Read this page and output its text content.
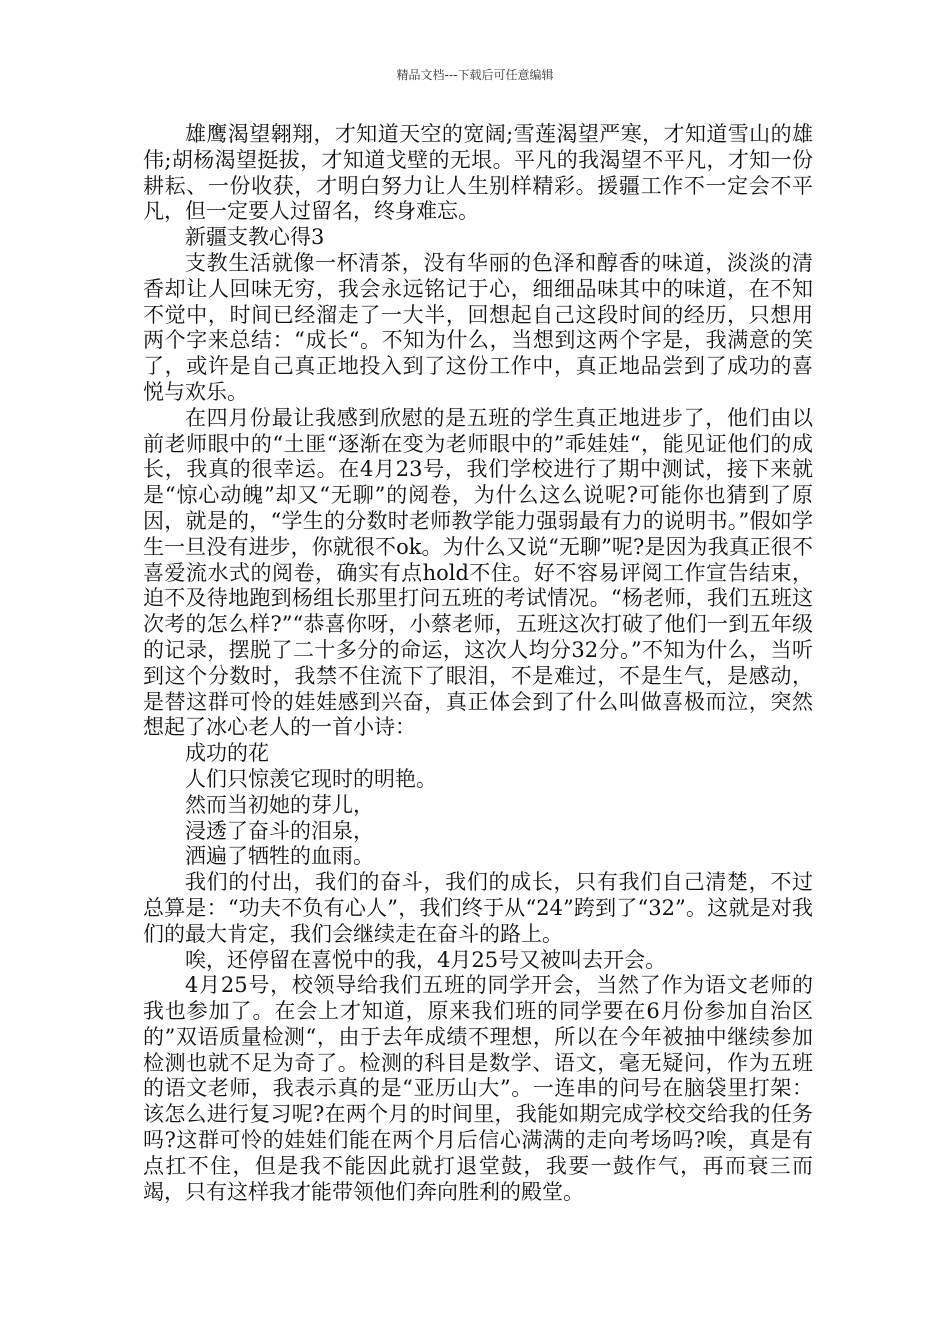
精品文档---下载后可任意编辑

雄鹰渴望翱翔，才知道天空的宽阔;雪莲渴望严寒，才知道雪山的雄伟;胡杨渴望挺拔，才知道戈壁的无垠。平凡的我渴望不平凡，才知一份耕耘、一份收获，才明白努力让人生别样精彩。援疆工作不一定会不平凡，但一定要人过留名，终身难忘。

新疆支教心得3

支教生活就像一杯清茶，没有华丽的色泽和醇香的味道，淡淡的清香却让人回味无穷，我会永远铭记于心，细细品味其中的味道，在不知不觉中，时间已经溜走了一大半，回想起自己这段时间的经历，只想用两个字来总结：“成长“。不知为什么，当想到这两个字是，我满意的笑了，或许是自己真正地投入到了这份工作中，真正地品尝到了成功的喜悦与欢乐。

在四月份最让我感到欣慰的是五班的学生真正地进步了，他们由以前老师眼中的“土匪“逐渐在变为老师眼中的”乖娃娃“，能见证他们的成长，我真的很幸运。在4月23号，我们学校进行了期中测试，接下来就是“惊心动魄”却又“无聊”的阅卷，为什么这么说呢?可能你也猜到了原因，就是的，“学生的分数时老师教学能力强弱最有力的说明书。”假如学生一旦没有进步，你就很不ok。为什么又说“无聊”呢?是因为我真正很不喜爱流水式的阅卷，确实有点hold不住。好不容易评阅工作宣告结束，迫不及待地跑到杨组长那里打问五班的考试情况。“杨老师，我们五班这次考的怎么样?”“恭喜你呀，小蔡老师，五班这次打破了他们一到五年级的记录，摆脱了二十多分的命运，这次人均分32分。”不知为什么，当听到这个分数时，我禁不住流下了眼泪，不是难过，不是生气，是感动，是替这群可怜的娃娃感到兴奋，真正体会到了什么叫做喜极而泣，突然想起了冰心老人的一首小诗：

成功的花

人们只惊羡它现时的明艳。

然而当初她的芽儿，

浸透了奋斗的泪泉，

洒遍了牺牲的血雨。

我们的付出，我们的奋斗，我们的成长，只有我们自己清楚，不过总算是：“功夫不负有心人”，我们终于从“24”跨到了“32”。这就是对我们的最大肯定，我们会继续走在奋斗的路上。

唉，还停留在喜悦中的我，4月25号又被叫去开会。

4月25号，校领导给我们五班的同学开会，当然了作为语文老师的我也参加了。在会上才知道，原来我们班的同学要在6月份参加自治区的”双语质量检测“，由于去年成绩不理想，所以在今年被抽中继续参加检测也就不足为奇了。检测的科目是数学、语文，毫无疑问，作为五班的语文老师，我表示真的是“亚历山大”。一连串的问号在脑袋里打架：该怎么进行复习呢?在两个月的时间里，我能如期完成学校交给我的任务吗?这群可怜的娃娃们能在两个月后信心满满的走向考场吗?唉，真是有点扛不住，但是我不能因此就打退堂鼓，我要一鼓作气，再而衰三而竭，只有这样我才能带领他们奔向胜利的殿堂。
